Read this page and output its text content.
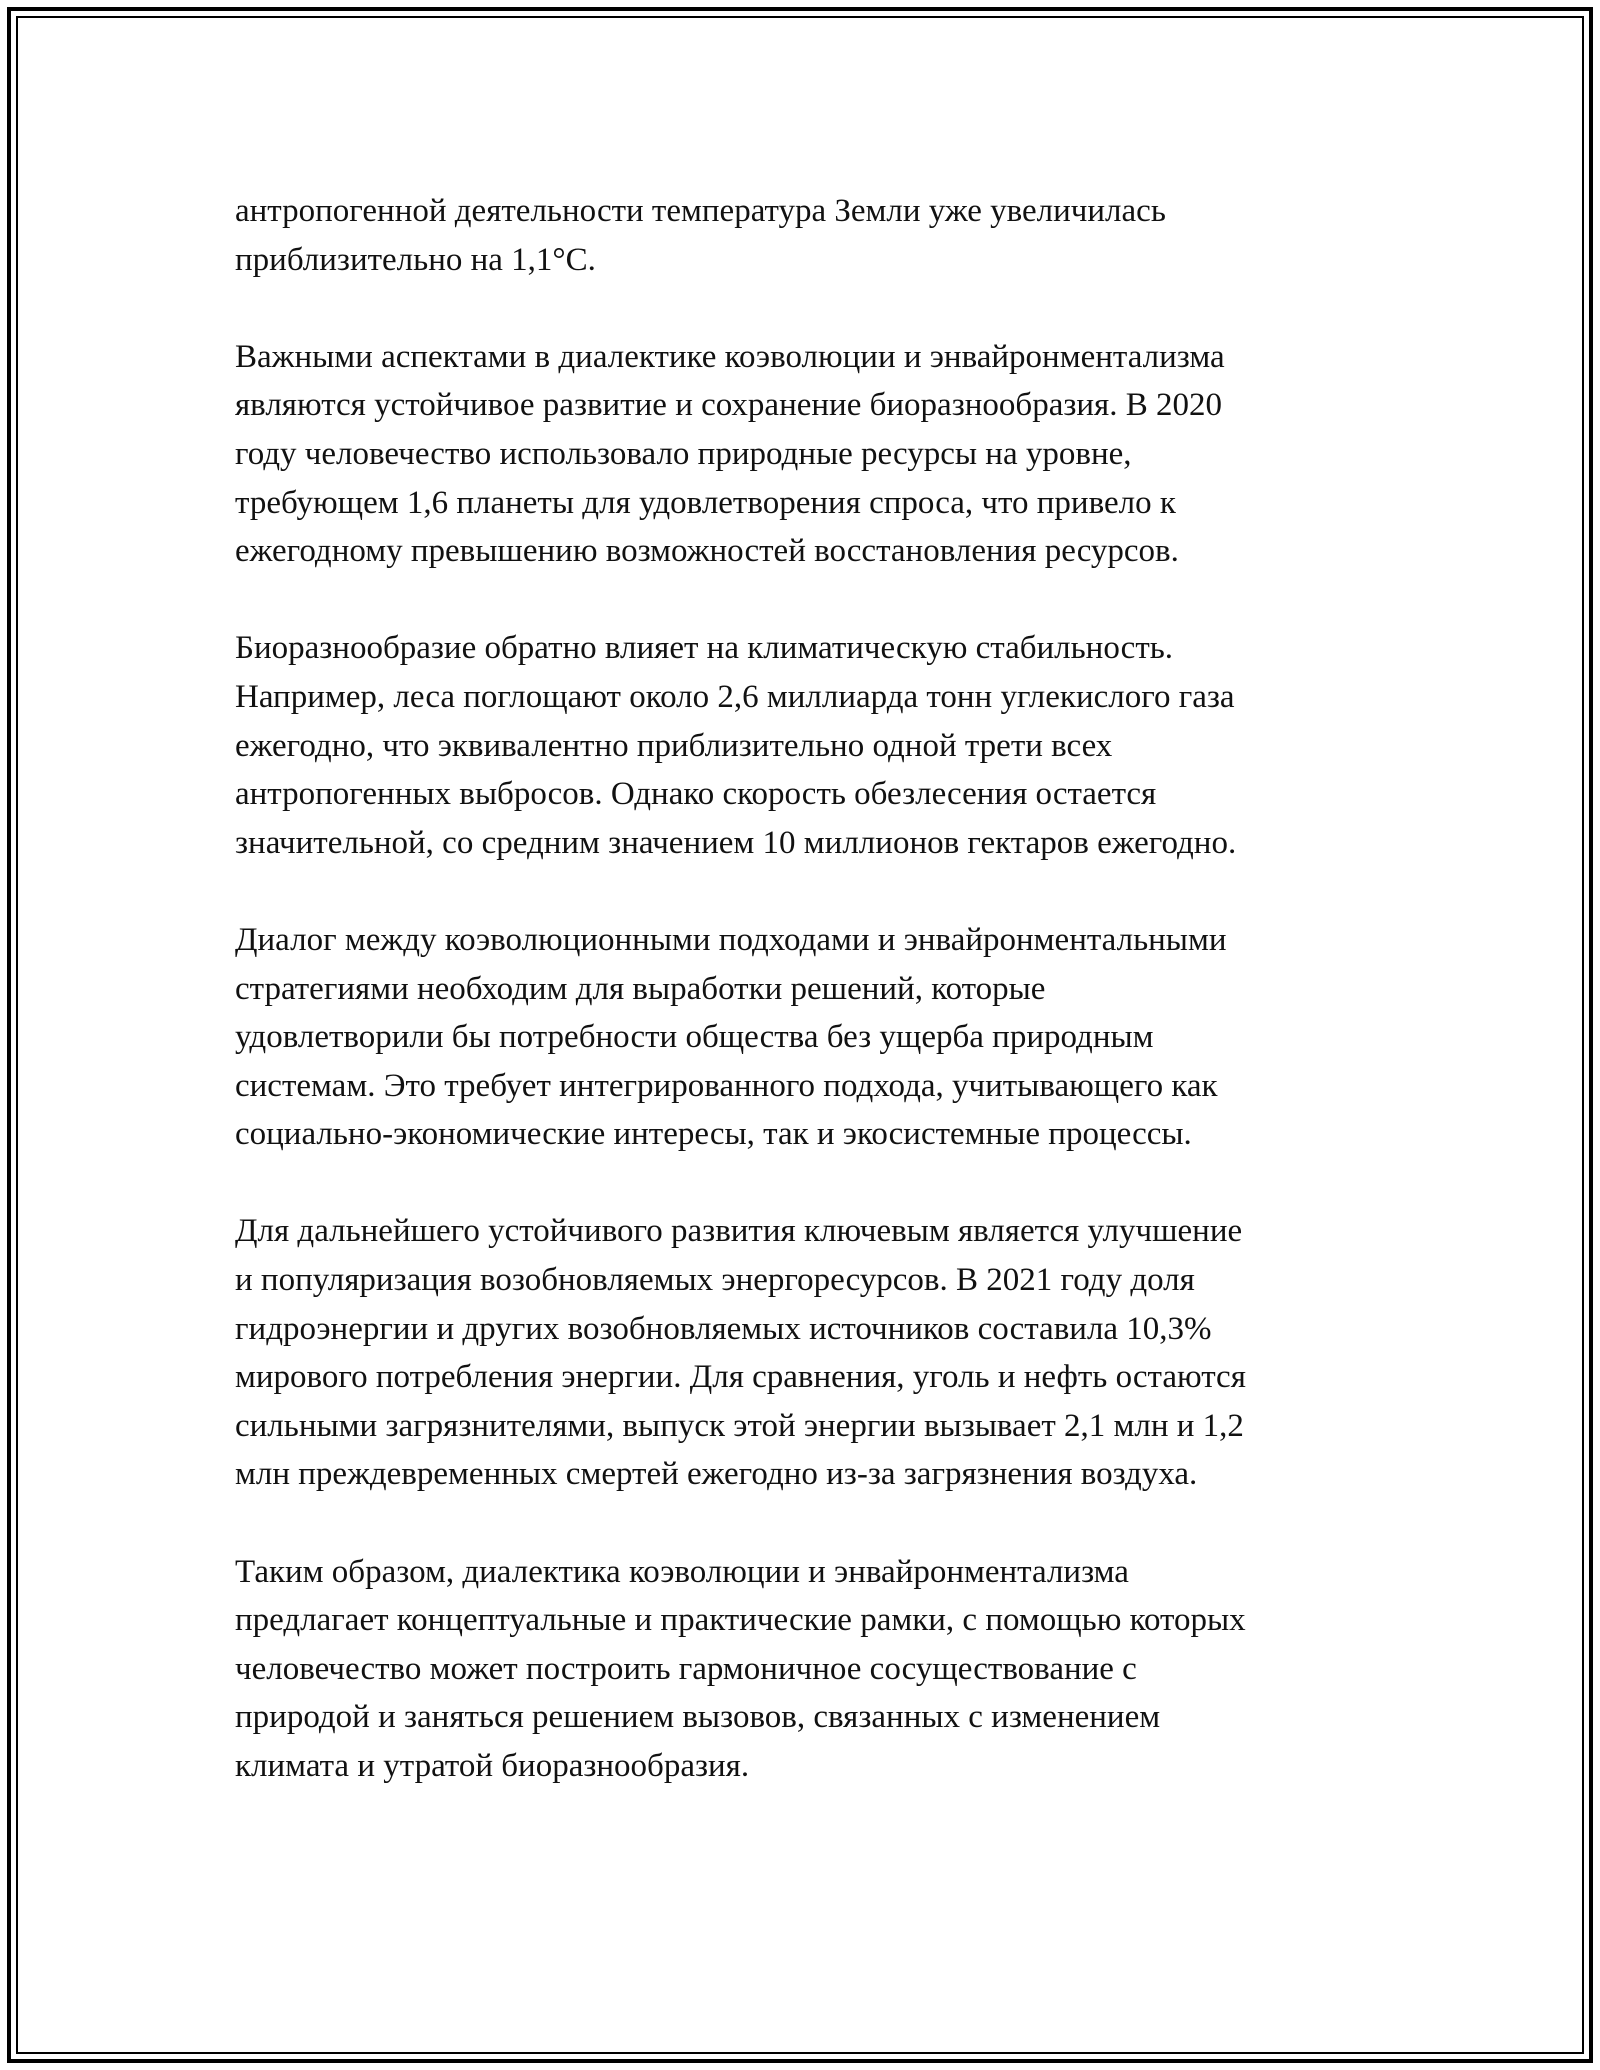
антропогенной деятельности температура Земли уже увеличилась
приблизительно на 1,1°C.

Важными аспектами в диалектике коэволюции и энвайронментализма
являются устойчивое развитие и сохранение биоразнообразия. В 2020
году человечество использовало природные ресурсы на уровне,
требующем 1,6 планеты для удовлетворения спроса, что привело к
ежегодному превышению возможностей восстановления ресурсов.

Биоразнообразие обратно влияет на климатическую стабильность.
Например, леса поглощают около 2,6 миллиарда тонн углекислого газа
ежегодно, что эквивалентно приблизительно одной трети всех
антропогенных выбросов. Однако скорость обезлесения остается
значительной, со средним значением 10 миллионов гектаров ежегодно.

Диалог между коэволюционными подходами и энвайронментальными
стратегиями необходим для выработки решений, которые
удовлетворили бы потребности общества без ущерба природным
системам. Это требует интегрированного подхода, учитывающего как
социально-экономические интересы, так и экосистемные процессы.

Для дальнейшего устойчивого развития ключевым является улучшение
и популяризация возобновляемых энергоресурсов. В 2021 году доля
гидроэнергии и других возобновляемых источников составила 10,3%
мирового потребления энергии. Для сравнения, уголь и нефть остаются
сильными загрязнителями, выпуск этой энергии вызывает 2,1 млн и 1,2
млн преждевременных смертей ежегодно из-за загрязнения воздуха.

Таким образом, диалектика коэволюции и энвайронментализма
предлагает концептуальные и практические рамки, с помощью которых
человечество может построить гармоничное сосуществование с
природой и заняться решением вызовов, связанных с изменением
климата и утратой биоразнообразия.
